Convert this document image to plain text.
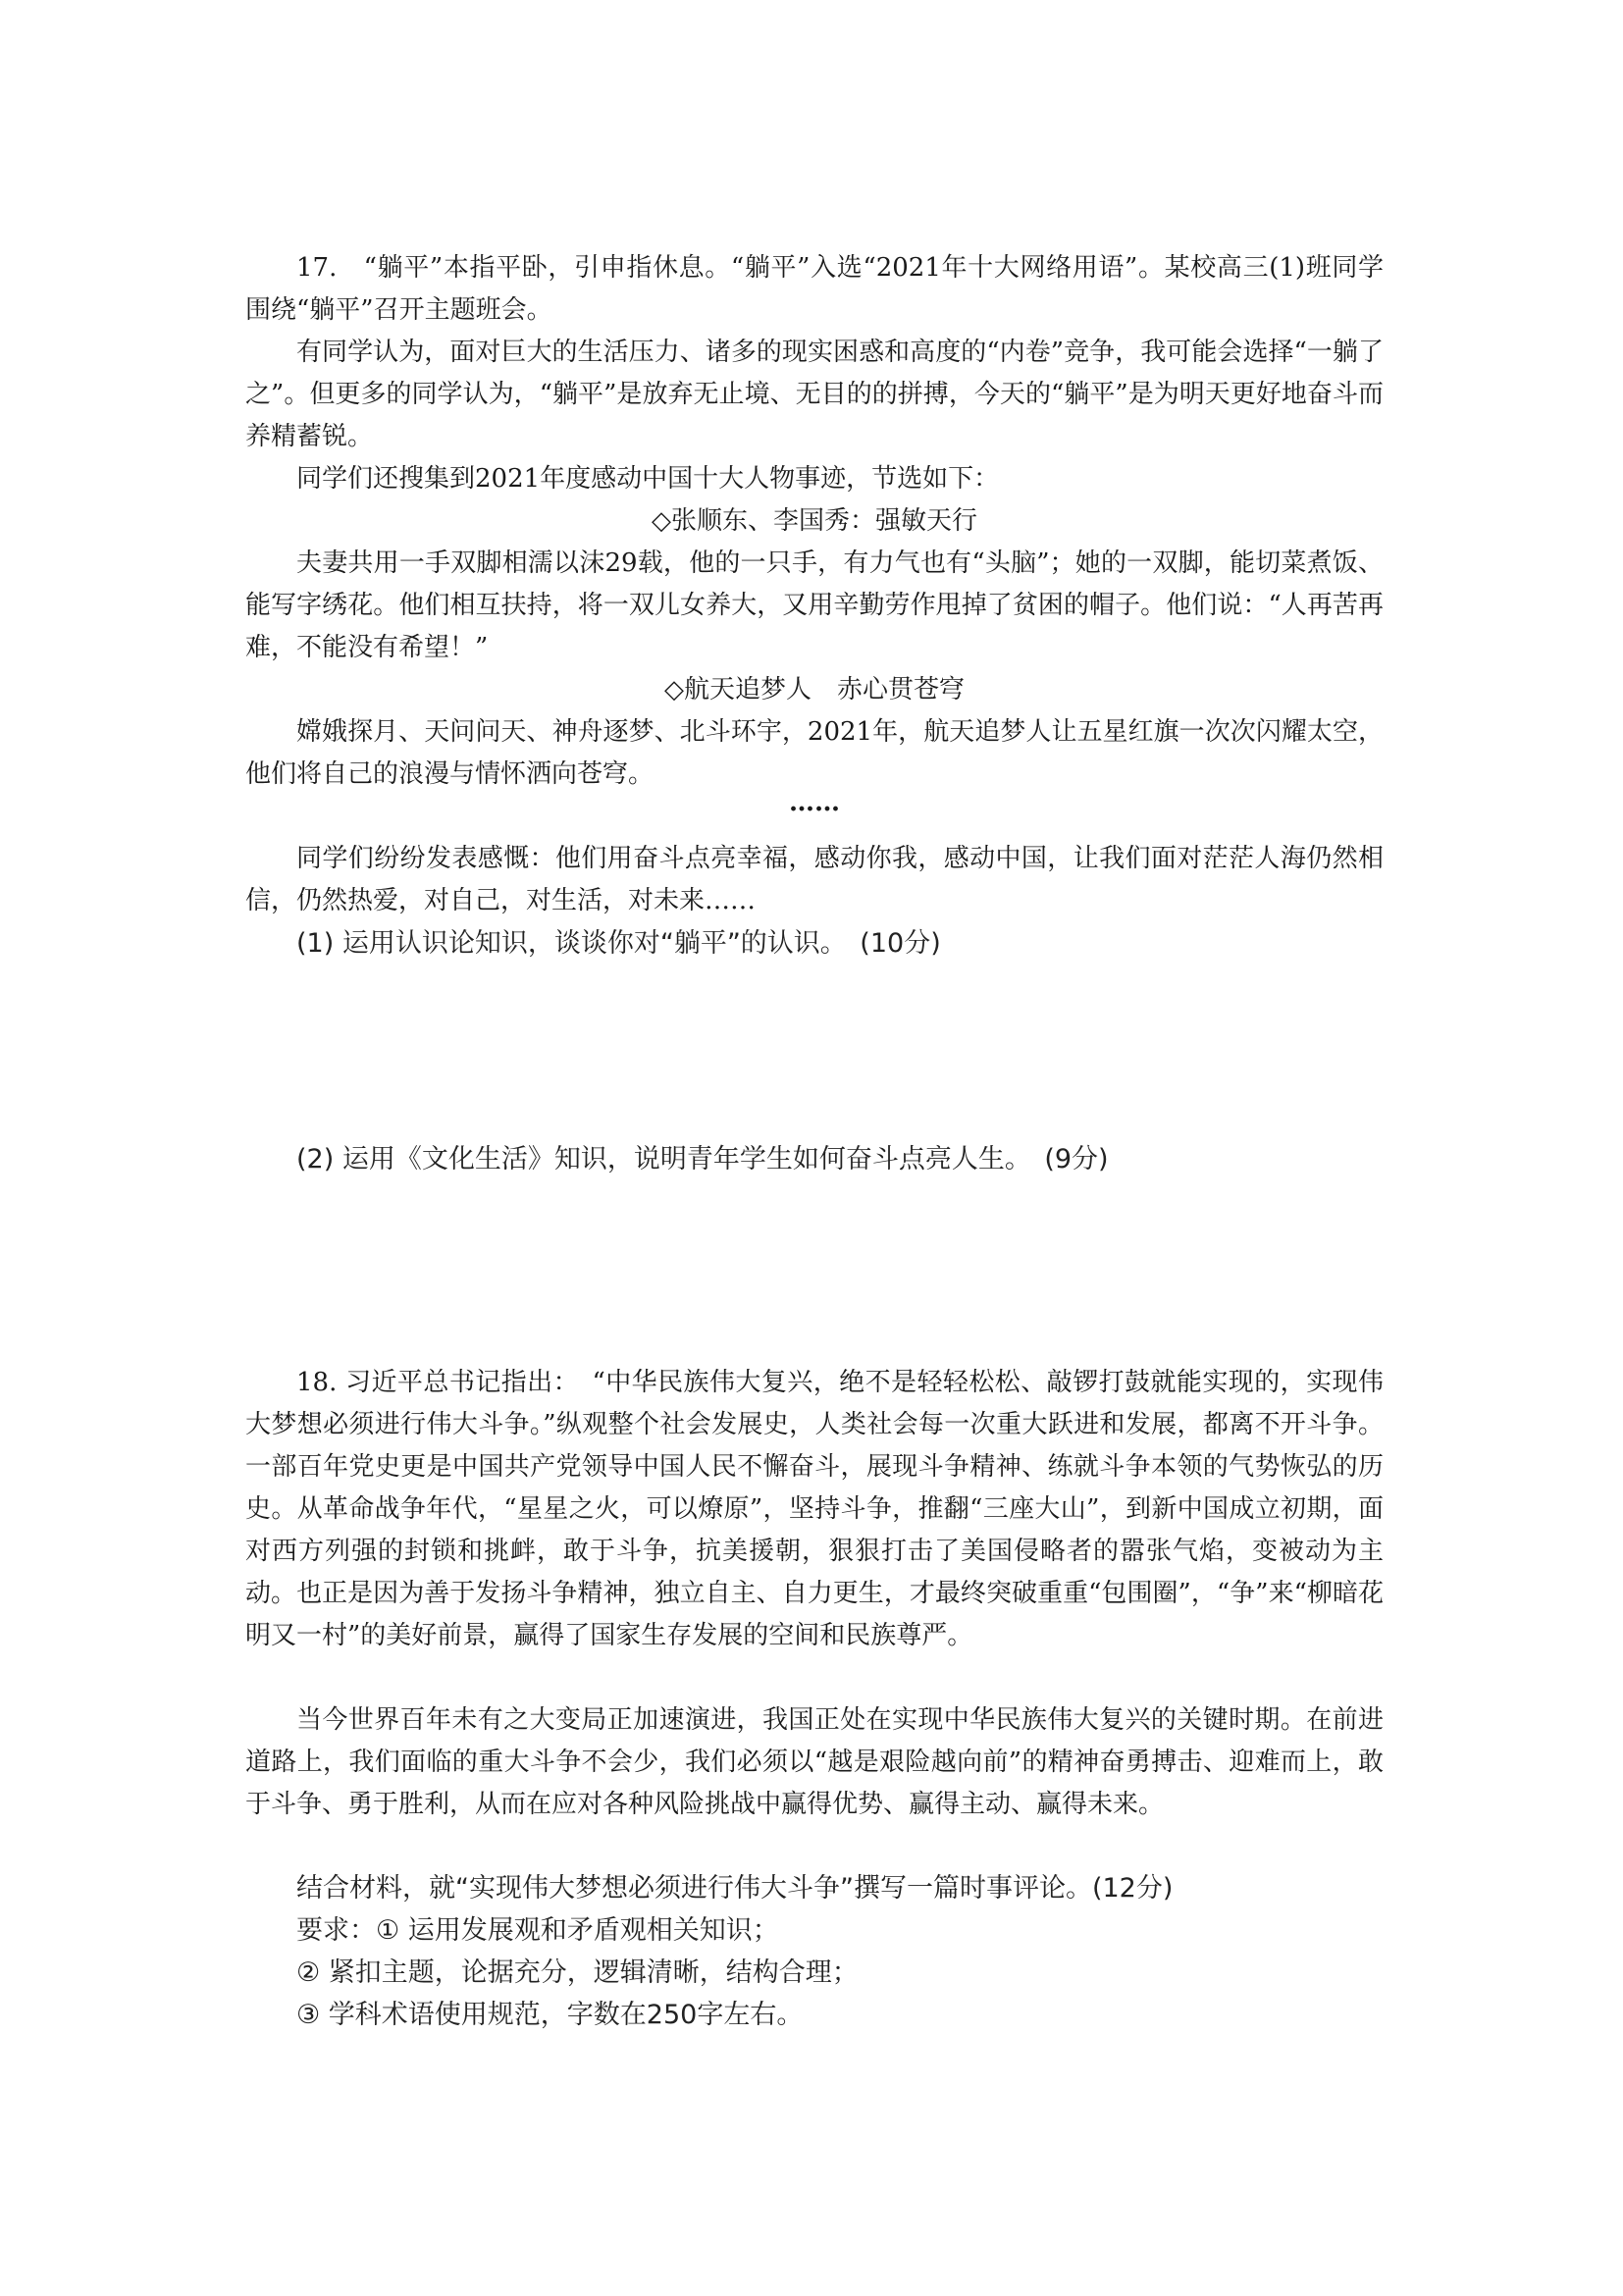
17.　“躺平”本指平卧，引申指休息。“躺平”入选“2021年十大网络用语”。某校高三(1)班同学围绕“躺平”召开主题班会。

有同学认为，面对巨大的生活压力、诸多的现实困惑和高度的“内卷”竞争，我可能会选择“一躺了之”。但更多的同学认为，“躺平”是放弃无止境、无目的的拼搏，今天的“躺平”是为明天更好地奋斗而养精蓄锐。

同学们还搜集到2021年度感动中国十大人物事迹，节选如下：

◇张顺东、李国秀：强敏天行

夫妻共用一手双脚相濡以沫29载，他的一只手，有力气也有“头脑”；她的一双脚，能切菜煮饭、能写字绣花。他们相互扶持，将一双儿女养大，又用辛勤劳作甩掉了贫困的帽子。他们说：“人再苦再难，不能没有希望！”

◇航天追梦人　赤心贯苍穹

嫦娥探月、天问问天、神舟逐梦、北斗环宇，2021年，航天追梦人让五星红旗一次次闪耀太空，他们将自己的浪漫与情怀洒向苍穹。

……

同学们纷纷发表感慨：他们用奋斗点亮幸福，感动你我，感动中国，让我们面对茫茫人海仍然相信，仍然热爱，对自己，对生活，对未来……

(1) 运用认识论知识，谈谈你对“躺平”的认识。　(10分)

(2) 运用《文化生活》知识，说明青年学生如何奋斗点亮人生。　(9分)

18. 习近平总书记指出：　“中华民族伟大复兴，绝不是轻轻松松、敲锣打鼓就能实现的，实现伟大梦想必须进行伟大斗争。”纵观整个社会发展史，人类社会每一次重大跃进和发展，都离不开斗争。一部百年党史更是中国共产党领导中国人民不懈奋斗，展现斗争精神、练就斗争本领的气势恢弘的历史。从革命战争年代，“星星之火，可以燎原”，坚持斗争，推翻“三座大山”，到新中国成立初期，面对西方列强的封锁和挑衅，敢于斗争，抗美援朝，狠狠打击了美国侵略者的嚣张气焰，变被动为主动。也正是因为善于发扬斗争精神，独立自主、自力更生，才最终突破重重“包围圈”，“争”来“柳暗花明又一村”的美好前景，赢得了国家生存发展的空间和民族尊严。

当今世界百年未有之大变局正加速演进，我国正处在实现中华民族伟大复兴的关键时期。在前进道路上，我们面临的重大斗争不会少，我们必须以“越是艰险越向前”的精神奋勇搏击、迎难而上，敢于斗争、勇于胜利，从而在应对各种风险挑战中赢得优势、赢得主动、赢得未来。

结合材料，就“实现伟大梦想必须进行伟大斗争”撰写一篇时事评论。(12分)

要求：① 运用发展观和矛盾观相关知识；

② 紧扣主题，论据充分，逻辑清晰，结构合理；

③ 学科术语使用规范，字数在250字左右。
